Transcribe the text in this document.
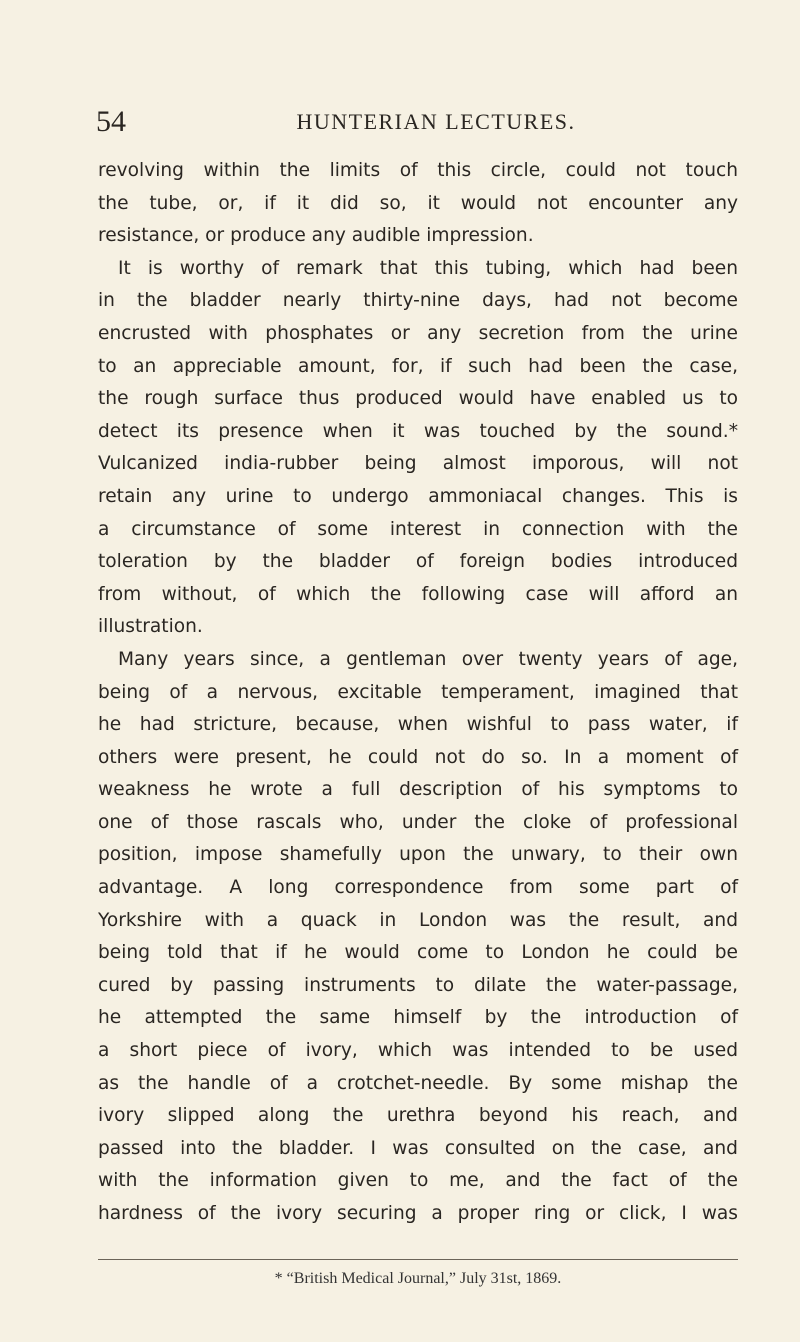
54	HUNTERIAN LECTURES.
revolving within the limits of this circle, could not touch
the tube, or, if it did so, it would not encounter any
resistance, or produce any audible impression.
It is worthy of remark that this tubing, which had been
in the bladder nearly thirty-nine days, had not become
encrusted with phosphates or any secretion from the urine
to an appreciable amount, for, if such had been the case,
the rough surface thus produced would have enabled us to
detect its presence when it was touched by the sound.*
Vulcanized india-rubber being almost imporous, will not
retain any urine to undergo ammoniacal changes. This is
a circumstance of some interest in connection with the
toleration by the bladder of foreign bodies introduced
from without, of which the following case will afford an
illustration.
Many years since, a gentleman over twenty years of age,
being of a nervous, excitable temperament, imagined that
he had stricture, because, when wishful to pass water, if
others were present, he could not do so. In a moment of
weakness he wrote a full description of his symptoms to
one of those rascals who, under the cloke of professional
position, impose shamefully upon the unwary, to their own
advantage. A long correspondence from some part of
Yorkshire with a quack in London was the result, and
being told that if he would come to London he could be
cured by passing instruments to dilate the water-passage,
he attempted the same himself by the introduction of
a short piece of ivory, which was intended to be used
as the handle of a crotchet-needle. By some mishap the
ivory slipped along the urethra beyond his reach, and
passed into the bladder. I was consulted on the case, and
with the information given to me, and the fact of the
hardness of the ivory securing a proper ring or click, I was
* “British Medical Journal,” July 31st, 1869.
